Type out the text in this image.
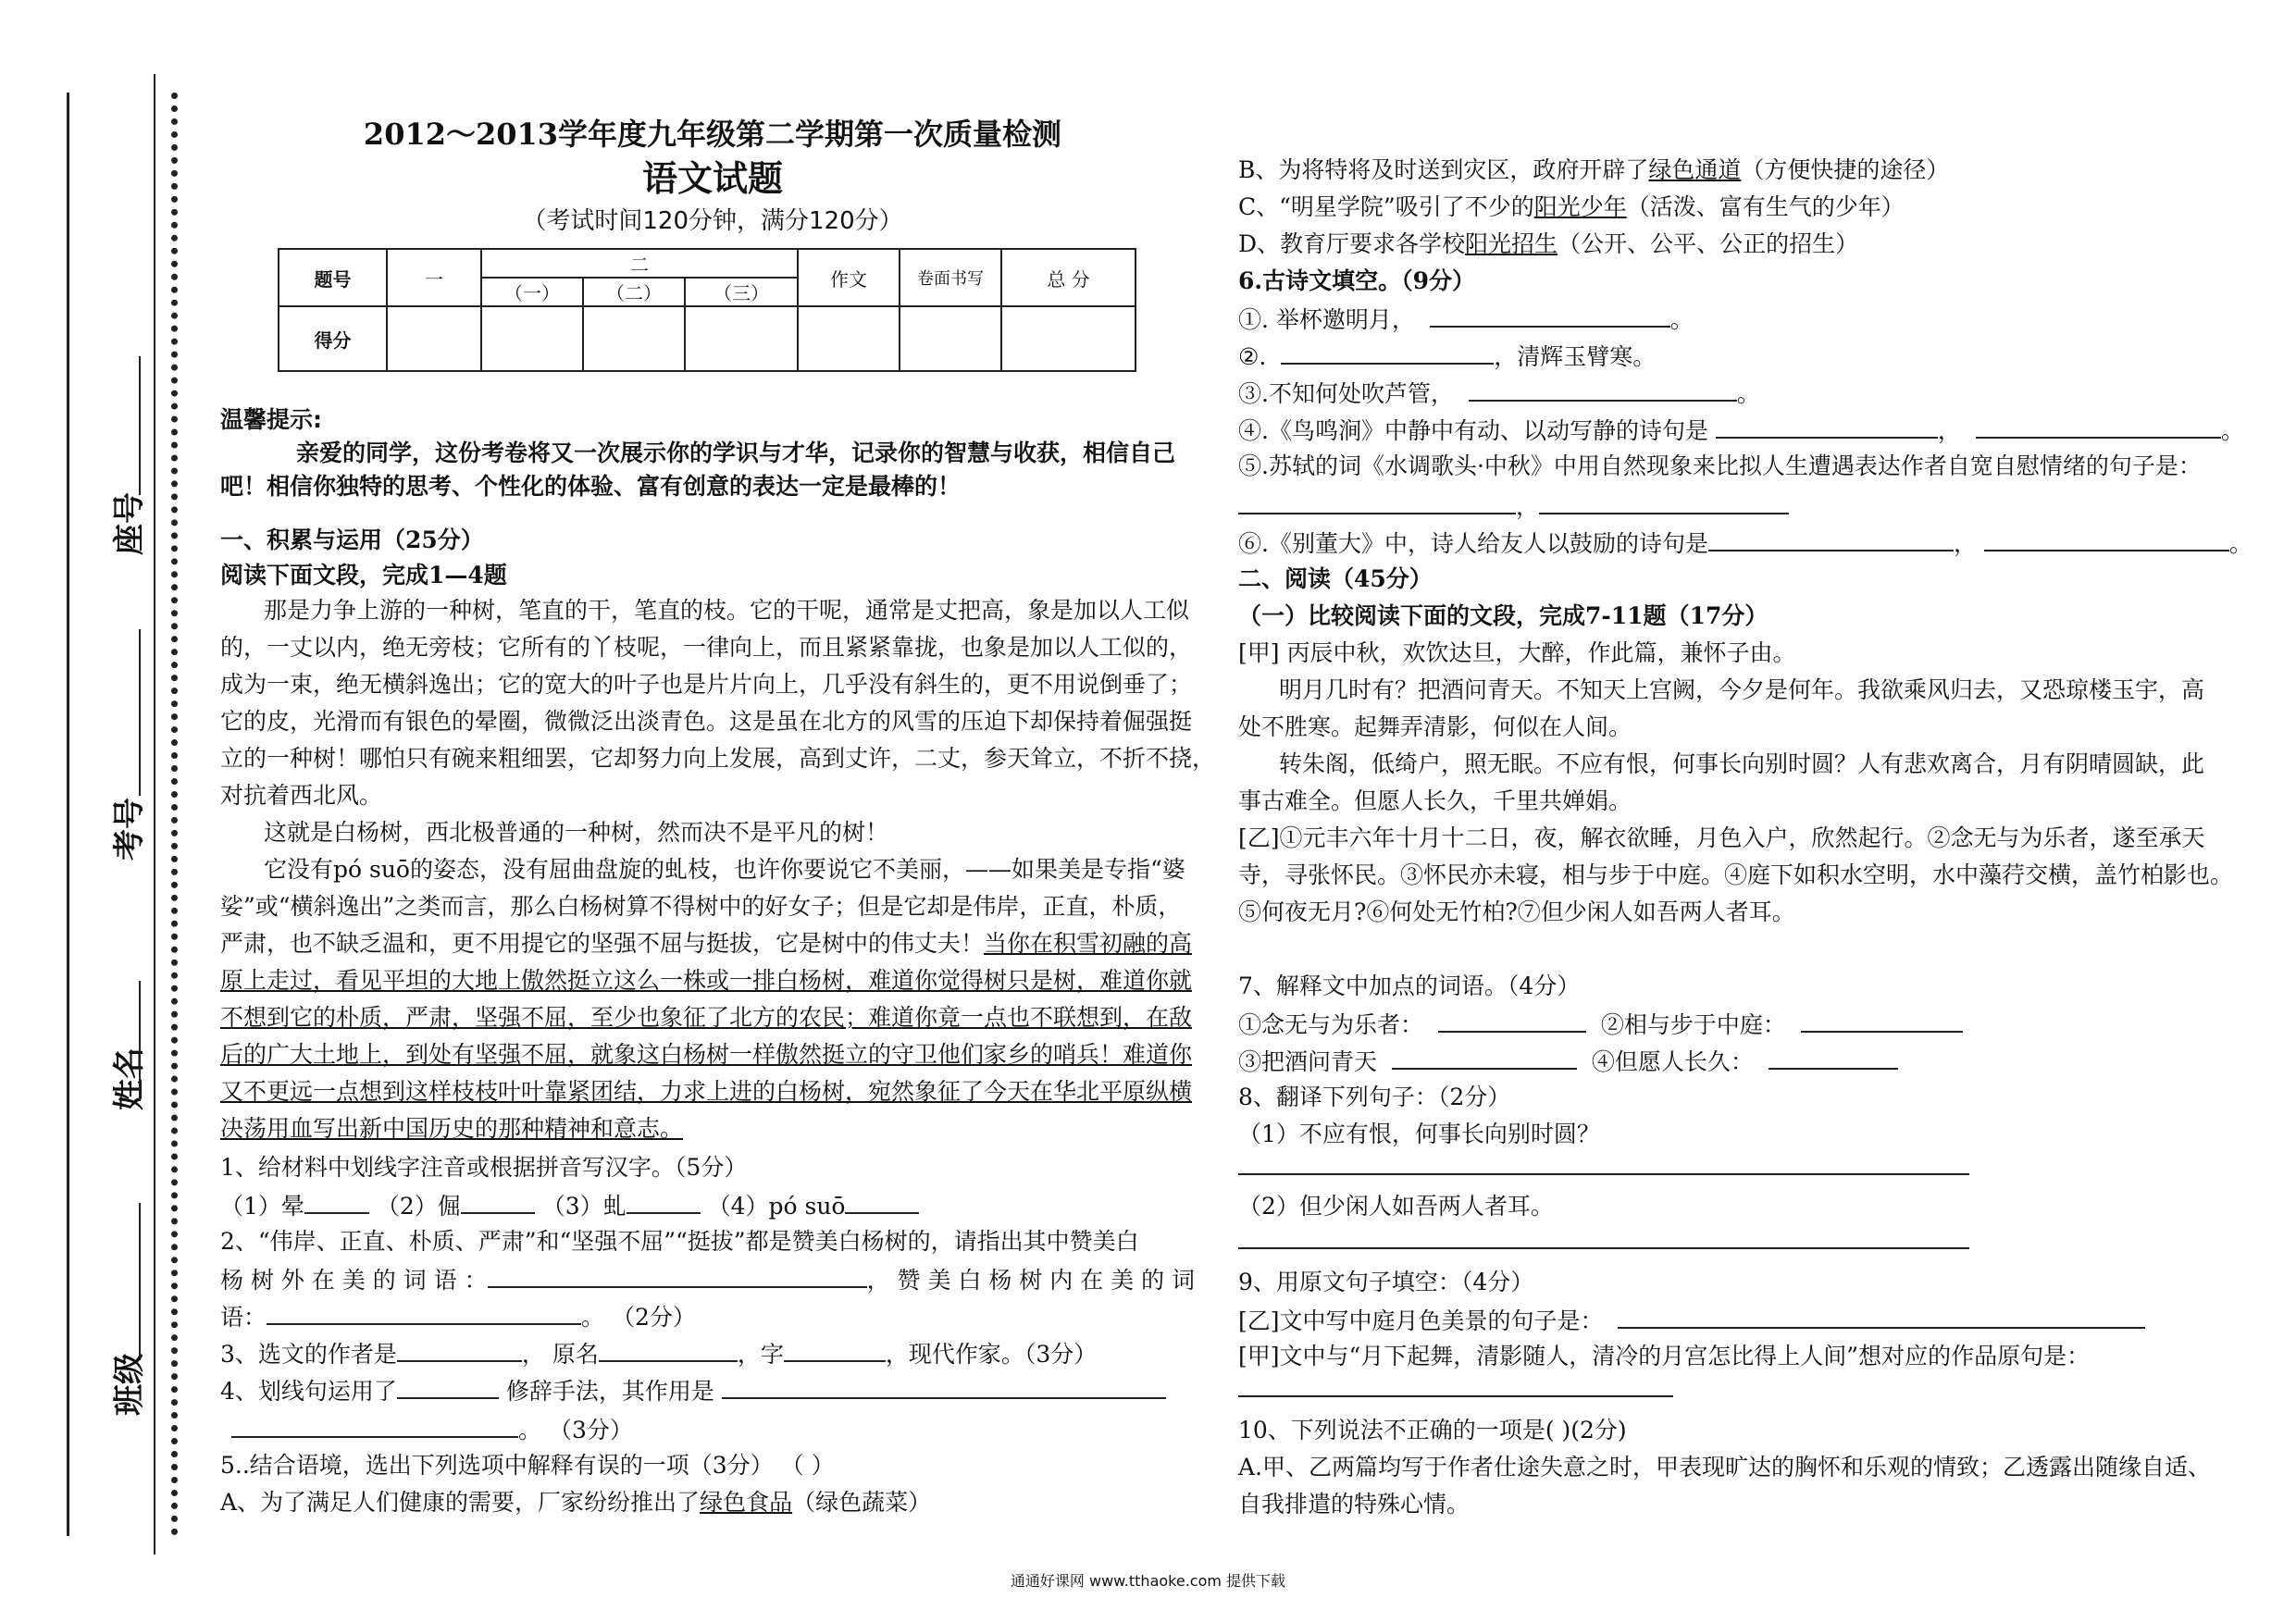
座号
考号
姓名
班级
2012～2013学年度九年级第二学期第一次质量检测
语文试题
（考试时间120分钟，满分120分）
题号	一	二			作文	卷面书写	总 分
		（一）	（二）	（三）			
得分							
温馨提示:
亲爱的同学，这份考卷将又一次展示你的学识与才华，记录你的智慧与收获，相信自己
吧！相信你独特的思考、个性化的体验、富有创意的表达一定是最棒的！
一、积累与运用（25分）
阅读下面文段，完成1—4题
那是力争上游的一种树，笔直的干，笔直的枝。它的干呢，通常是丈把高，象是加以人工似
的，一丈以内，绝无旁枝；它所有的丫枝呢，一律向上，而且紧紧靠拢，也象是加以人工似的，
成为一束，绝无横斜逸出；它的宽大的叶子也是片片向上，几乎没有斜生的，更不用说倒垂了；
它的皮，光滑而有银色的晕圈，微微泛出淡青色。这是虽在北方的风雪的压迫下却保持着倔强挺
立的一种树！哪怕只有碗来粗细罢，它却努力向上发展，高到丈许，二丈，参天耸立，不折不挠，
对抗着西北风。
这就是白杨树，西北极普通的一种树，然而决不是平凡的树！
它没有pó suō的姿态，没有屈曲盘旋的虬枝，也许你要说它不美丽，——如果美是专指“婆
娑”或“横斜逸出”之类而言，那么白杨树算不得树中的好女子；但是它却是伟岸，正直，朴质，
严肃，也不缺乏温和，更不用提它的坚强不屈与挺拔，它是树中的伟丈夫！当你在积雪初融的高
原上走过，看见平坦的大地上傲然挺立这么一株或一排白杨树，难道你觉得树只是树，难道你就
不想到它的朴质，严肃，坚强不屈，至少也象征了北方的农民；难道你竟一点也不联想到，在敌
后的广大土地上，到处有坚强不屈，就象这白杨树一样傲然挺立的守卫他们家乡的哨兵！难道你
又不更远一点想到这样枝枝叶叶靠紧团结，力求上进的白杨树，宛然象征了今天在华北平原纵横
决荡用血写出新中国历史的那种精神和意志。
1、给材料中划线字注音或根据拼音写汉字。（5分）
（1）晕	（2）倔	（3）虬	（4）pó suō
2、“伟岸、正直、朴质、严肃”和“坚强不屈”“挺拔”都是赞美白杨树的，请指出其中赞美白
杨 树 外 在 美 的 词 语 ：	， 赞 美 白 杨 树 内 在 美 的 词
语：	。 （2分）
3、选文的作者是	， 原名	，字	，现代作家。（3分）
4、划线句运用了	修辞手法，其作用是
。 （3分）
5..结合语境，选出下列选项中解释有误的一项（3分） （ ）
A、为了满足人们健康的需要，厂家纷纷推出了绿色食品（绿色蔬菜）
B、为将特将及时送到灾区，政府开辟了绿色通道（方便快捷的途径）
C、“明星学院”吸引了不少的阳光少年（活泼、富有生气的少年）
D、教育厅要求各学校阳光招生（公开、公平、公正的招生）
6.古诗文填空。（9分）
①. 举杯邀明月，	。
②.	，清辉玉臂寒。
③.不知何处吹芦管，	。
④.《鸟鸣涧》中静中有动、以动写静的诗句是	，	。
⑤.苏轼的词《水调歌头·中秋》中用自然现象来比拟人生遭遇表达作者自宽自慰情绪的句子是：
，
⑥.《别董大》中，诗人给友人以鼓励的诗句是	，	。
二、阅读（45分）
（一）比较阅读下面的文段，完成7-11题（17分）
[甲] 丙辰中秋，欢饮达旦，大醉，作此篇，兼怀子由。
明月几时有？把酒问青天。不知天上宫阙，今夕是何年。我欲乘风归去，又恐琼楼玉宇，高
处不胜寒。起舞弄清影，何似在人间。
转朱阁，低绮户，照无眠。不应有恨，何事长向别时圆？人有悲欢离合，月有阴晴圆缺，此
事古难全。但愿人长久，千里共婵娟。
[乙]①元丰六年十月十二日，夜，解衣欲睡，月色入户，欣然起行。②念无与为乐者，遂至承天
寺，寻张怀民。③怀民亦未寝，相与步于中庭。④庭下如积水空明，水中藻荇交横，盖竹柏影也。
⑤何夜无月?⑥何处无竹柏?⑦但少闲人如吾两人者耳。
7、解释文中加点的词语。（4分）
①念无与为乐者：	②相与步于中庭：
③把酒问青天	④但愿人长久：
8、翻译下列句子：（2分）
（1）不应有恨，何事长向别时圆？
（2）但少闲人如吾两人者耳。
9、用原文句子填空：（4分）
[乙]文中写中庭月色美景的句子是：
[甲]文中与“月下起舞，清影随人，清冷的月宫怎比得上人间”想对应的作品原句是：
10、下列说法不正确的一项是( )(2分)
A.甲、乙两篇均写于作者仕途失意之时，甲表现旷达的胸怀和乐观的情致；乙透露出随缘自适、
自我排遣的特殊心情。
通通好课网 www.tthaoke.com 提供下载
